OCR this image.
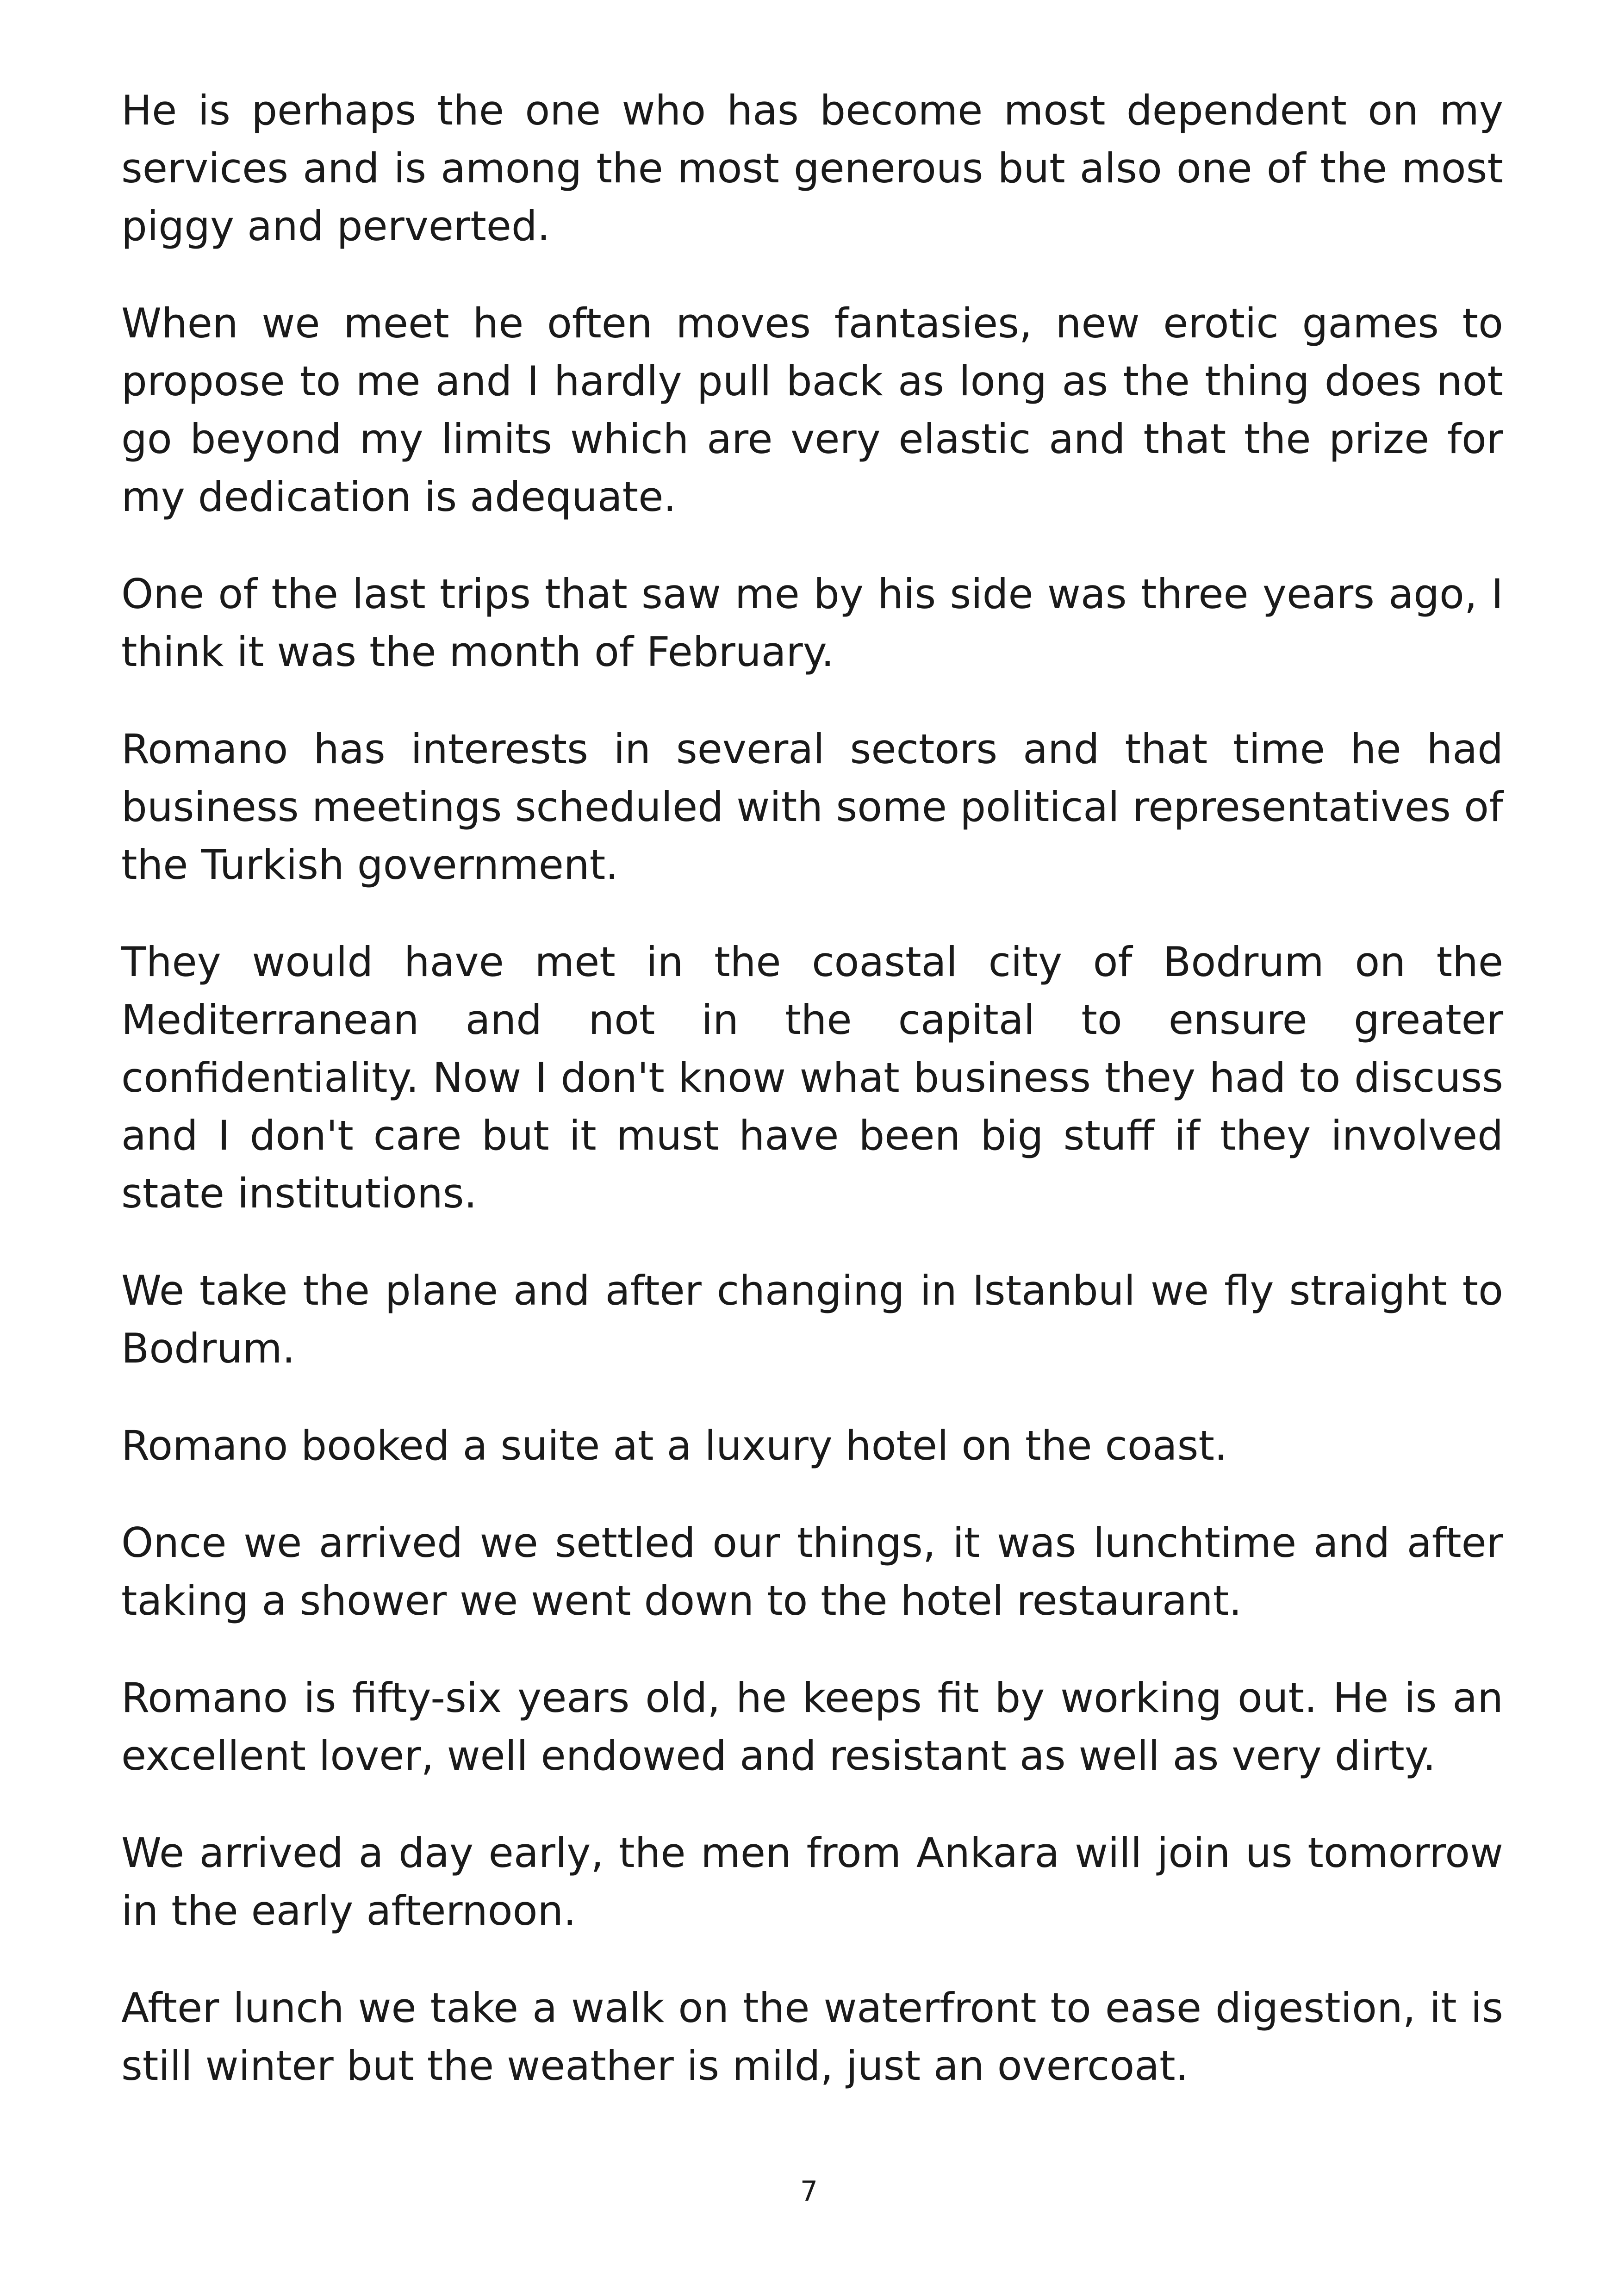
He is perhaps the one who has become most dependent on my services and is among the most generous but also one of the most piggy and perverted.

When we meet he often moves fantasies, new erotic games to propose to me and I hardly pull back as long as the thing does not go beyond my limits which are very elastic and that the prize for my dedication is adequate.

One of the last trips that saw me by his side was three years ago, I think it was the month of February.

Romano has interests in several sectors and that time he had business meetings scheduled with some political representatives of the Turkish government.

They would have met in the coastal city of Bodrum on the Mediterranean and not in the capital to ensure greater confidentiality. Now I don't know what business they had to discuss and I don't care but it must have been big stuff if they involved state institutions.

We take the plane and after changing in Istanbul we fly straight to Bodrum.

Romano booked a suite at a luxury hotel on the coast.

Once we arrived we settled our things, it was lunchtime and after taking a shower we went down to the hotel restaurant.

Romano is fifty-six years old, he keeps fit by working out. He is an excellent lover, well endowed and resistant as well as very dirty.

We arrived a day early, the men from Ankara will join us tomorrow in the early afternoon.

After lunch we take a walk on the waterfront to ease digestion, it is still winter but the weather is mild, just an overcoat.

7
